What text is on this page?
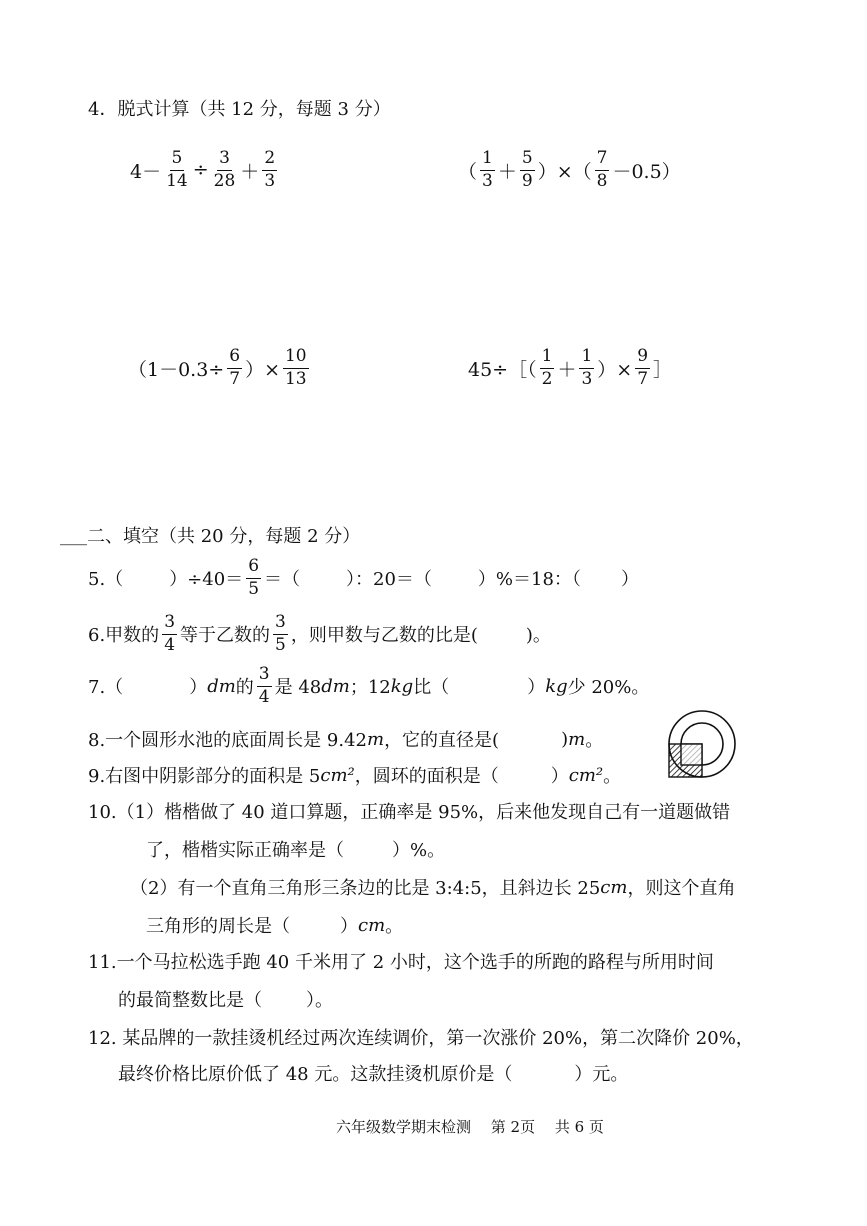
4．脱式计算（共 12 分，每题 3 分）
$4- \frac{5}{14} \div \frac{3}{28} + \frac{2}{3}$	（ $\frac{1}{3} + \frac{5}{9}$ ）×（ $\frac{7}{8} -0.5$）
（$1-0.3\div \frac{6}{7}$ ）× $\frac{10}{13}$	45÷［（ $\frac{1}{2} + \frac{1}{3}$ ）× $\frac{9}{7}$ ］
___ 二、填空（共 20 分，每题 2 分）
5.（	）$\div 40= \frac{6}{5}$ ＝（	）：20＝（	）%＝18：（ ）
6.甲数的 $\frac{3}{4}$ 等于乙数的 $\frac{3}{5}$ ，则甲数与乙数的比是(	)。
7.（	） dm 的 $\frac{3}{4}$ 是 48 dm ；12 kg 比（	） kg 少 20%。
8.一个圆形水池的底面周长是 9.42 m ，它的直径是(	) m 。
9.右图中阴影部分的面积是 5 cm² ，圆环的面积是（	） cm² 。
10.（1）楷楷做了 40 道口算题，正确率是 95%，后来他发现自己有一道题做错
了，楷楷实际正确率是（	）%。
（2）有一个直角三角形三条边的比是 3:4:5，且斜边长 25 cm ，则这个直角
三角形的周长是（	） cm 。
11.一个马拉松选手跑 40 千米用了 2 小时，这个选手的所跑的路程与所用时间
的最简整数比是（ ）。
12. 某品牌的一款挂烫机经过两次连续调价，第一次涨价 20%，第二次降价 20%，
最终价格比原价低了 48 元。这款挂烫机原价是（	）元。
六年级数学期末检测　 第 2页　 共 6 页
